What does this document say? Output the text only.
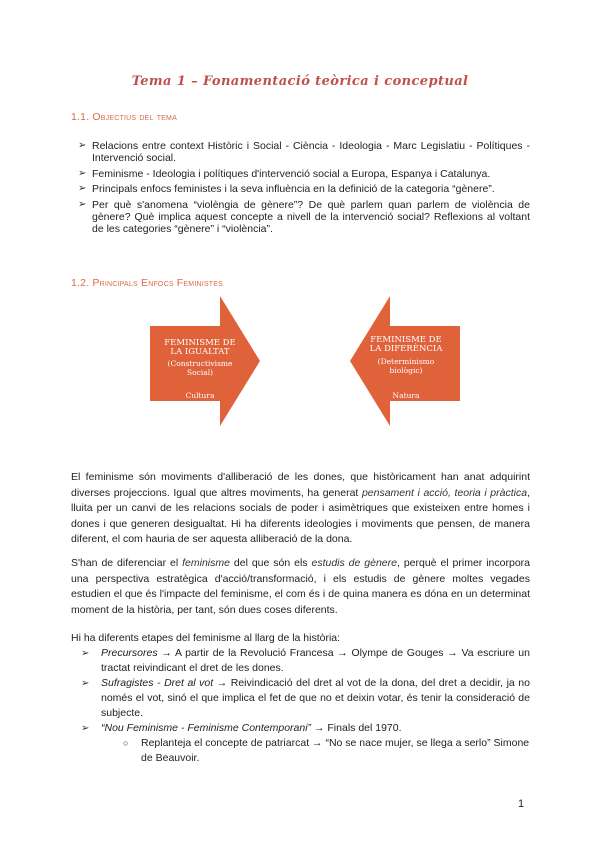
Tema 1 – Fonamentació teòrica i conceptual
1.1. Objectius del tema
➢ Relacions entre context Històric i Social - Ciència - Ideologia - Marc Legislatiu - Polítiques - Intervenció social.
➢ Feminisme - Ideologia i polítiques d'intervenció social a Europa, Espanya i Catalunya.
➢ Principals enfocs feministes i la seva influència en la definició de la categoria “gènere”.
➢ Per què s'anomena “violèngia de gènere”? De què parlem quan parlem de violència de gènere? Què implica aquest concepte a nivell de la intervenció social? Reflexions al voltant de les categories “gènere” i “violència”.
1.2. Principals Enfocs Feministes
FEMINISME DE
LA IGUALTAT
(Constructivisme
Social)
Cultura
FEMINISME DE
LA DIFERÈNCIA
(Determinismo
biològic)
Natura

El feminisme són moviments d'alliberació de les dones, que històricament han anat adquirint diverses projeccions. Igual que altres moviments, ha generat pensament i acció, teoria i pràctica, lluita per un canvi de les relacions socials de poder i asimètriques que existeixen entre homes i dones i que generen desigualtat. Hi ha diferents ideologies i moviments que pensen, de manera diferent, el com hauria de ser aquesta alliberació de la dona.

S'han de diferenciar el feminisme del que són els estudis de gènere, perquè el primer incorpora una perspectiva estratègica d'acció/transformació, i els estudis de gènere moltes vegades estudien el que és l'impacte del feminisme, el com és i de quina manera es dóna en un determinat moment de la història, per tant, són dues coses diferents.

Hi ha diferents etapes del feminisme al llarg de la història:

➢ Precursores → A partir de la Revolució Francesa → Olympe de Gouges → Va escriure un tractat reivindicant el dret de les dones.
➢ Sufragistes - Dret al vot → Reivindicació del dret al vot de la dona, del dret a decidir, ja no només el vot, sinó el que implica el fet de que no et deixin votar, és tenir la consideració de subjecte.
➢ “Nou Feminisme - Feminisme Contemporani” → Finals del 1970.
○ Replanteja el concepte de patriarcat → “No se nace mujer, se llega a serlo” Simone de Beauvoir.
1
